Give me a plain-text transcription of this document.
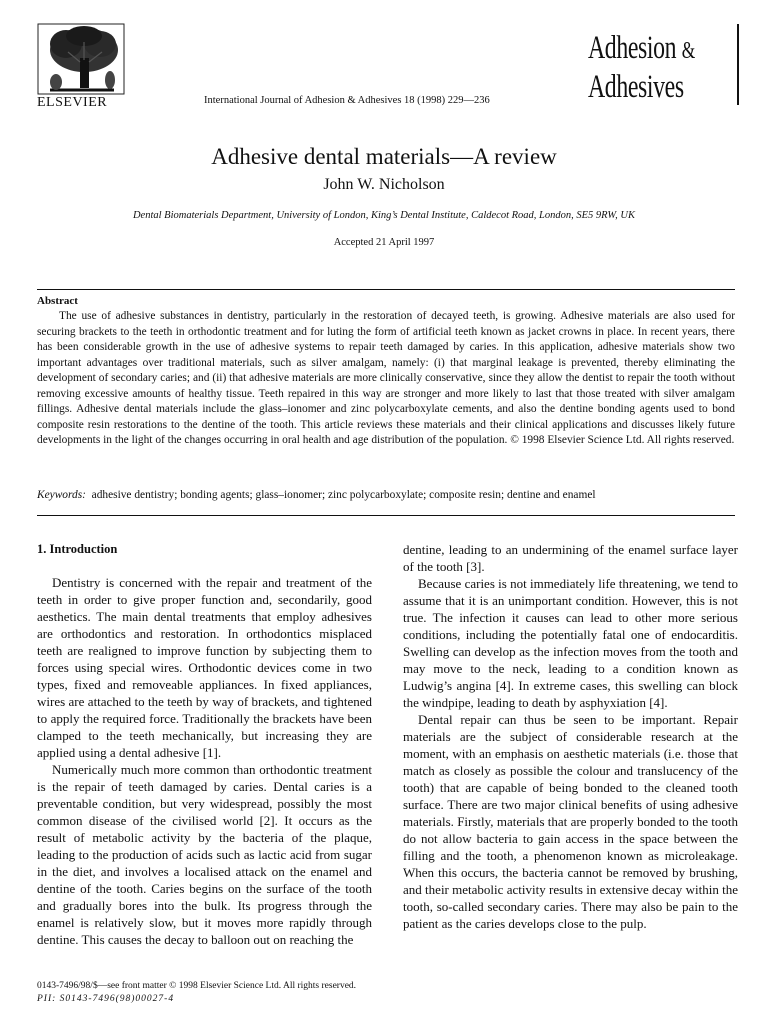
ELSEVIER	International Journal of Adhesion & Adhesives 18 (1998) 229—236
Adhesion &
Adhesives
Adhesive dental materials—A review
John W. Nicholson
Dental Biomaterials Department, University of London, King’s Dental Institute, Caldecot Road, London, SE5 9RW, UK
Accepted 21 April 1997
Abstract
The use of adhesive substances in dentistry, particularly in the restoration of decayed teeth, is growing. Adhesive materials are also used for securing brackets to the teeth in orthodontic treatment and for luting the form of artificial teeth known as jacket crowns in place. In recent years, there has been considerable growth in the use of adhesive systems to repair teeth damaged by caries. In this application, adhesive materials show two important advantages over traditional materials, such as silver amalgam, namely: (i) that marginal leakage is prevented, thereby eliminating the development of secondary caries; and (ii) that adhesive materials are more clinically conservative, since they allow the dentist to repair the tooth without removing excessive amounts of healthy tissue. Teeth repaired in this way are stronger and more likely to last that those treated with silver amalgam fillings. Adhesive dental materials include the glass–ionomer and zinc polycarboxylate cements, and also the dentine bonding agents used to bond composite resin restorations to the dentine of the tooth. This article reviews these materials and their clinical applications and discusses likely future developments in the light of the changes occurring in oral health and age distribution of the population. © 1998 Elsevier Science Ltd. All rights reserved.
Keywords: adhesive dentistry; bonding agents; glass–ionomer; zinc polycarboxylate; composite resin; dentine and enamel
1. Introduction

Dentistry is concerned with the repair and treatment of the teeth in order to give proper function and, secondarily, good aesthetics. The main dental treatments that employ adhesives are orthodontics and restoration. In orthodontics misplaced teeth are realigned to improve function by subjecting them to forces using special wires. Orthodontic devices come in two types, fixed and removeable appliances. In fixed appliances, wires are attached to the teeth by way of brackets, and tightened to apply the required force. Traditionally the brackets have been clamped to the teeth mechanically, but increasing they are applied using a dental adhesive [1].

Numerically much more common than orthodontic treatment is the repair of teeth damaged by caries. Dental caries is a preventable condition, but very widespread, possibly the most common disease of the civilised world [2]. It occurs as the result of metabolic activity by the bacteria of the plaque, leading to the production of acids such as lactic acid from sugar in the diet, and involves a localised attack on the enamel and dentine of the tooth. Caries begins on the surface of the tooth and gradually bores into the bulk. Its progress through the enamel is relatively slow, but it moves more rapidly through dentine. This causes the decay to balloon out on reaching the

dentine, leading to an undermining of the enamel surface layer of the tooth [3].

Because caries is not immediately life threatening, we tend to assume that it is an unimportant condition. However, this is not true. The infection it causes can lead to other more serious conditions, including the potentially fatal one of endocarditis. Swelling can develop as the infection moves from the tooth and may move to the neck, leading to a condition known as Ludwig’s angina [4]. In extreme cases, this swelling can block the windpipe, leading to death by asphyxiation [4].

Dental repair can thus be seen to be important. Repair materials are the subject of considerable research at the moment, with an emphasis on aesthetic materials (i.e. those that match as closely as possible the colour and translucency of the tooth) that are capable of being bonded to the cleaned tooth surface. There are two major clinical benefits of using adhesive materials. Firstly, materials that are properly bonded to the tooth do not allow bacteria to gain access in the space between the filling and the tooth, a phenomenon known as microleakage. When this occurs, the bacteria cannot be removed by brushing, and their metabolic activity results in extensive decay within the tooth, so-called secondary caries. There may also be pain to the patient as the caries develops close to the pulp.

0143-7496/98/$—see front matter © 1998 Elsevier Science Ltd. All rights reserved.
PII: S0143-7496(98)00027-4
